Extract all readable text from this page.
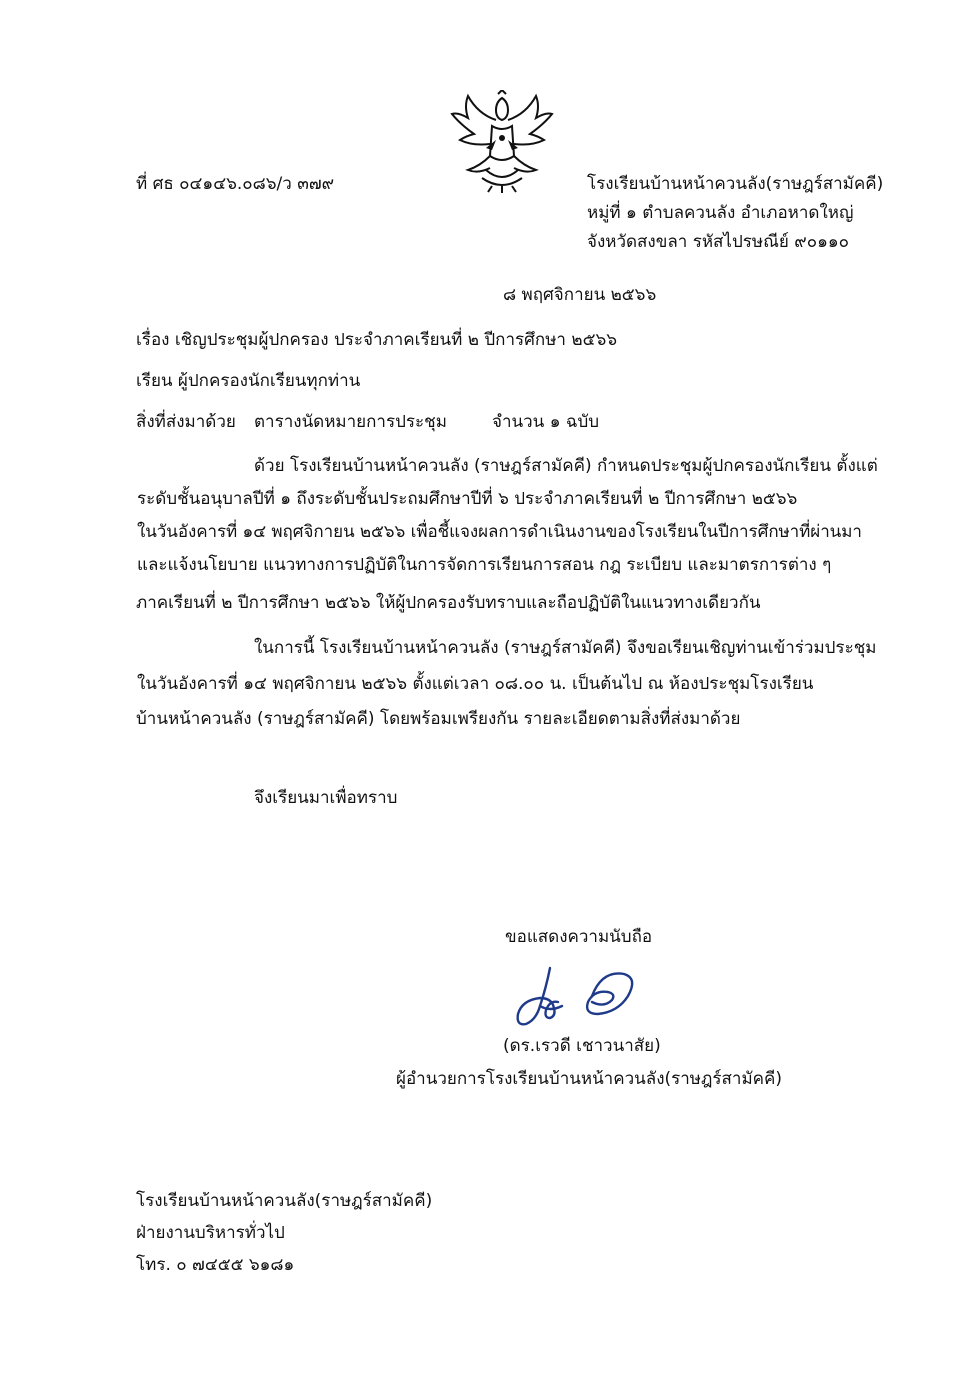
ที่ ศธ ๐๔๑๔๖.๐๘๖/ว ๓๗๙	โรงเรียนบ้านหน้าควนลัง(ราษฎร์สามัคคี)
หมู่ที่ ๑ ตำบลควนลัง อำเภอหาดใหญ่
จังหวัดสงขลา รหัสไปรษณีย์ ๙๐๑๑๐
๘ พฤศจิกายน ๒๕๖๖
เรื่อง เชิญประชุมผู้ปกครอง ประจำภาคเรียนที่ ๒ ปีการศึกษา ๒๕๖๖
เรียน ผู้ปกครองนักเรียนทุกท่าน
สิ่งที่ส่งมาด้วย ตารางนัดหมายการประชุม	จำนวน ๑ ฉบับ
ด้วย โรงเรียนบ้านหน้าควนลัง (ราษฎร์สามัคคี) กำหนดประชุมผู้ปกครองนักเรียน ตั้งแต่
ระดับชั้นอนุบาลปีที่ ๑ ถึงระดับชั้นประถมศึกษาปีที่ ๖ ประจำภาคเรียนที่ ๒ ปีการศึกษา ๒๕๖๖
ในวันอังคารที่ ๑๔ พฤศจิกายน ๒๕๖๖ เพื่อชี้แจงผลการดำเนินงานของโรงเรียนในปีการศึกษาที่ผ่านมา
และแจ้งนโยบาย แนวทางการปฏิบัติในการจัดการเรียนการสอน กฎ ระเบียบ และมาตรการต่าง ๆ
ภาคเรียนที่ ๒ ปีการศึกษา ๒๕๖๖ ให้ผู้ปกครองรับทราบและถือปฏิบัติในแนวทางเดียวกัน
ในการนี้ โรงเรียนบ้านหน้าควนลัง (ราษฎร์สามัคคี) จึงขอเรียนเชิญท่านเข้าร่วมประชุม
ในวันอังคารที่ ๑๔ พฤศจิกายน ๒๕๖๖ ตั้งแต่เวลา ๐๘.๐๐ น. เป็นต้นไป ณ ห้องประชุมโรงเรียน
บ้านหน้าควนลัง (ราษฎร์สามัคคี) โดยพร้อมเพรียงกัน รายละเอียดตามสิ่งที่ส่งมาด้วย
จึงเรียนมาเพื่อทราบ
ขอแสดงความนับถือ
(ดร.เรวดี เชาวนาสัย)
ผู้อำนวยการโรงเรียนบ้านหน้าควนลัง(ราษฎร์สามัคคี)
โรงเรียนบ้านหน้าควนลัง(ราษฎร์สามัคคี)
ฝ่ายงานบริหารทั่วไป
โทร. ๐ ๗๔๕๕ ๖๑๘๑
